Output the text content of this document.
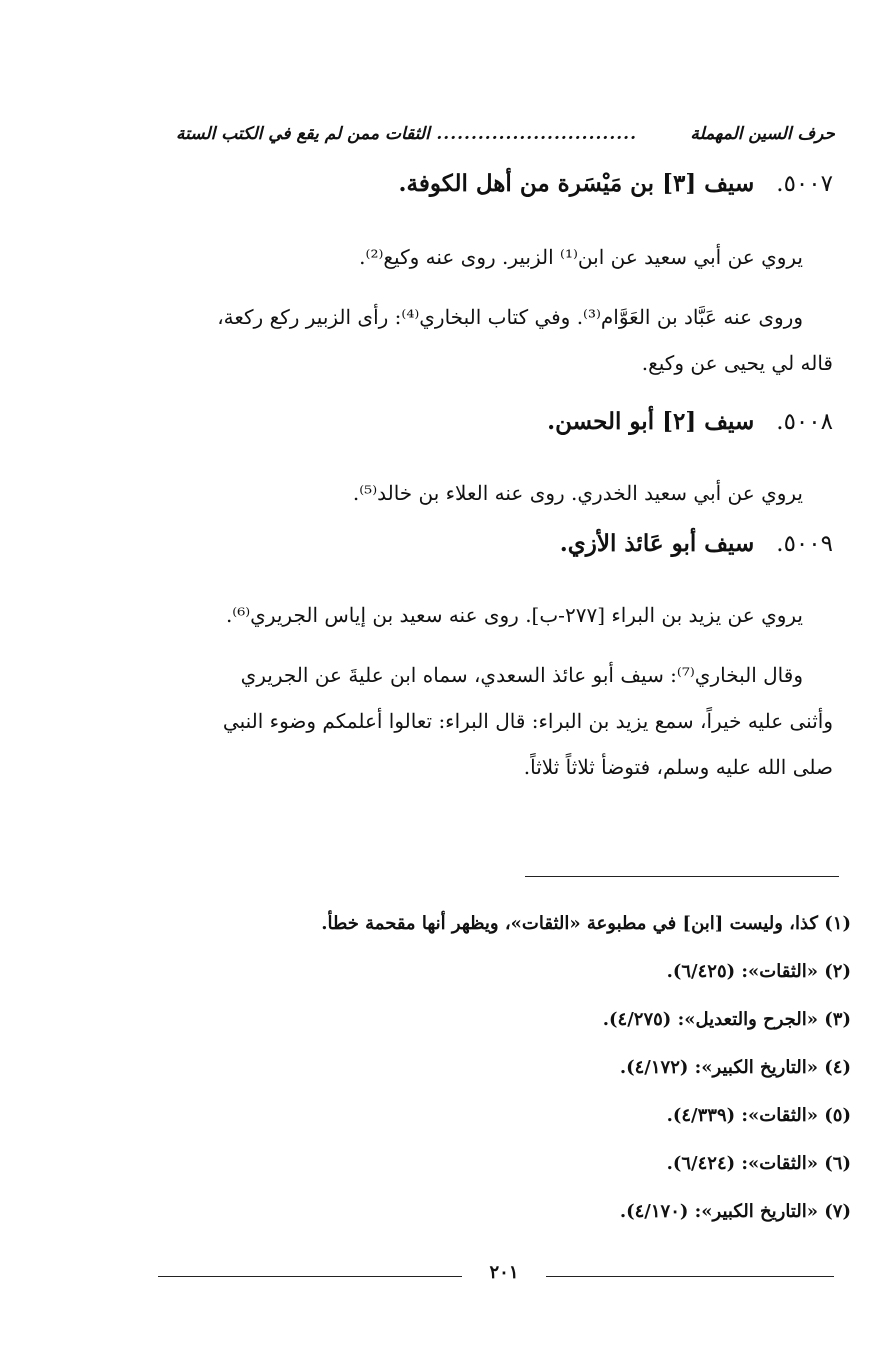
حرف السين المهملة
.............................
الثقات ممن لم يقع في الكتب الستة
٥٠٠٧.سيف [٣] بن مَيْسَرة من أهل الكوفة.
يروي عن أبي سعيد عن ابن⁽¹⁾ الزبير. روى عنه وكيع⁽²⁾.
وروى عنه عَبَّاد بن العَوَّام⁽³⁾. وفي كتاب البخاري⁽⁴⁾: رأى الزبير ركع ركعة،
قاله لي يحيى عن وكيع.
٥٠٠٨.سيف [٢] أبو الحسن.
يروي عن أبي سعيد الخدري. روى عنه العلاء بن خالد⁽⁵⁾.
٥٠٠٩.سيف أبو عَائذ الأزي.
يروي عن يزيد بن البراء [٢٧٧-ب]. روى عنه سعيد بن إياس الجريري⁽⁶⁾.
وقال البخاري⁽⁷⁾: سيف أبو عائذ السعدي، سماه ابن عليةَ عن الجريري
وأثنى عليه خيراً، سمع يزيد بن البراء: قال البراء: تعالوا أعلمكم وضوء النبي
صلى الله عليه وسلم، فتوضأ ثلاثاً ثلاثاً.
(١) كذا، وليست [ابن] في مطبوعة «الثقات»، ويظهر أنها مقحمة خطأ.
(٢) «الثقات»: (٦/٤٢٥).
(٣) «الجرح والتعديل»: (٤/٢٧٥).
(٤) «التاريخ الكبير»: (٤/١٧٢).
(٥) «الثقات»: (٤/٣٣٩).
(٦) «الثقات»: (٦/٤٢٤).
(٧) «التاريخ الكبير»: (٤/١٧٠).
٢٠١
